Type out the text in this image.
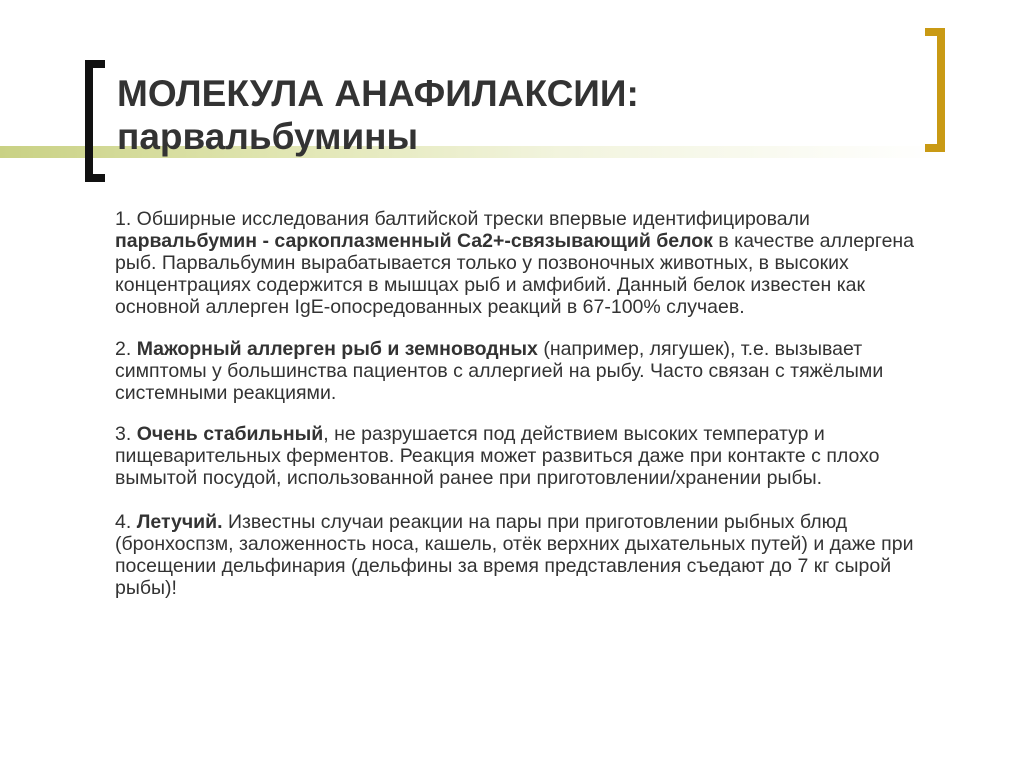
МОЛЕКУЛА АНАФИЛАКСИИ:
парвальбумины

1. Обширные исследования балтийской трески впервые идентифицировали парвальбумин - саркоплазменный Са2+-связывающий белок в качестве аллергена рыб. Парвальбумин вырабатывается только у позвоночных животных, в высоких концентрациях содержится в мышцах рыб и амфибий. Данный белок известен как основной аллерген IgE-опосредованных реакций в 67-100% случаев.

2. Мажорный аллерген рыб и земноводных (например, лягушек), т.е. вызывает симптомы у большинства пациентов с аллергией на рыбу. Часто связан с тяжёлыми системными реакциями.

3. Очень стабильный, не разрушается под действием высоких температур и пищеварительных ферментов. Реакция может развиться даже при контакте с плохо вымытой посудой, использованной ранее при приготовлении/хранении рыбы.

4. Летучий. Известны случаи реакции на пары при приготовлении рыбных блюд (бронхоспзм, заложенность носа, кашель, отёк верхних дыхательных путей) и даже при посещении дельфинария (дельфины за время представления съедают до 7 кг сырой рыбы)!
